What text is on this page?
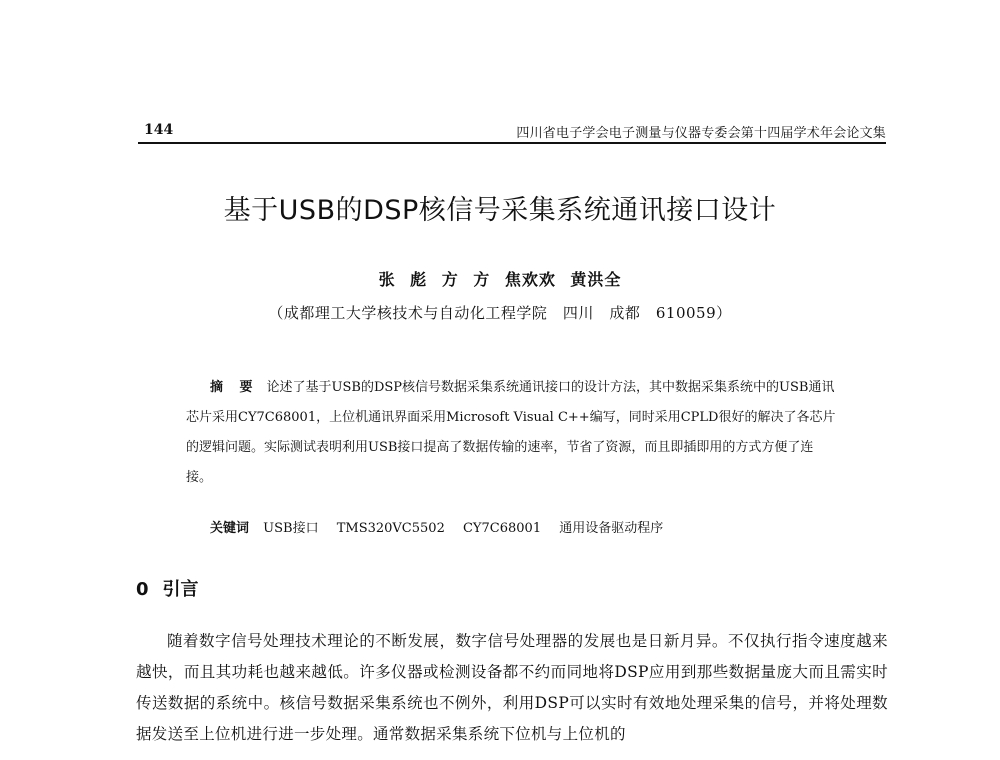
144	四川省电子学会电子测量与仪器专委会第十四届学术年会论文集
基于USB的DSP核信号采集系统通讯接口设计
张 彪 方 方 焦欢欢 黄洪全
（成都理工大学核技术与自动化工程学院　四川　成都　610059）

摘 要 论述了基于USB的DSP核信号数据采集系统通讯接口的设计方法，其中数据采集系统中的USB通讯芯片采用CY7C68001，上位机通讯界面采用Microsoft Visual C++编写，同时采用CPLD很好的解决了各芯片的逻辑问题。实际测试表明利用USB接口提高了数据传输的速率，节省了资源，而且即插即用的方式方便了连接。

关键词 USB接口 TMS320VC5502 CY7C68001 通用设备驱动程序
0 引言

随着数字信号处理技术理论的不断发展，数字信号处理器的发展也是日新月异。不仅执行指令速度越来越快，而且其功耗也越来越低。许多仪器或检测设备都不约而同地将DSP应用到那些数据量庞大而且需实时传送数据的系统中。核信号数据采集系统也不例外，利用DSP可以实时有效地处理采集的信号，并将处理数据发送至上位机进行进一步处理。通常数据采集系统下位机与上位机的
